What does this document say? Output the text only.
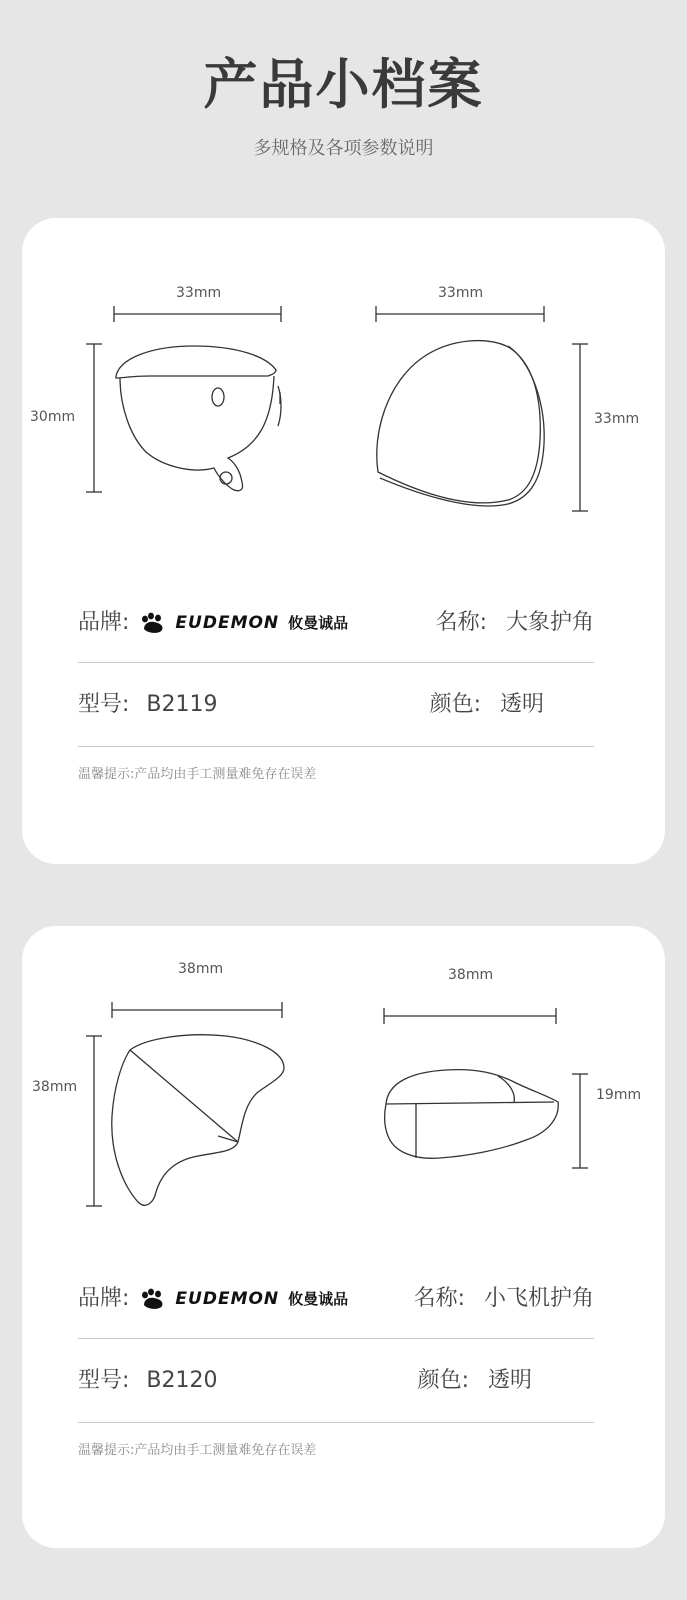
产品小档案
多规格及各项参数说明
33mm
30mm
33mm
33mm
品牌:	EUDEMON 攸曼诚品	名称: 大象护角
型号: B2119	颜色: 透明
温馨提示:产品均由手工测量难免存在误差
38mm
38mm
38mm
19mm
品牌:	EUDEMON 攸曼诚品	名称: 小飞机护角
型号: B2120	颜色: 透明
温馨提示:产品均由手工测量难免存在误差
